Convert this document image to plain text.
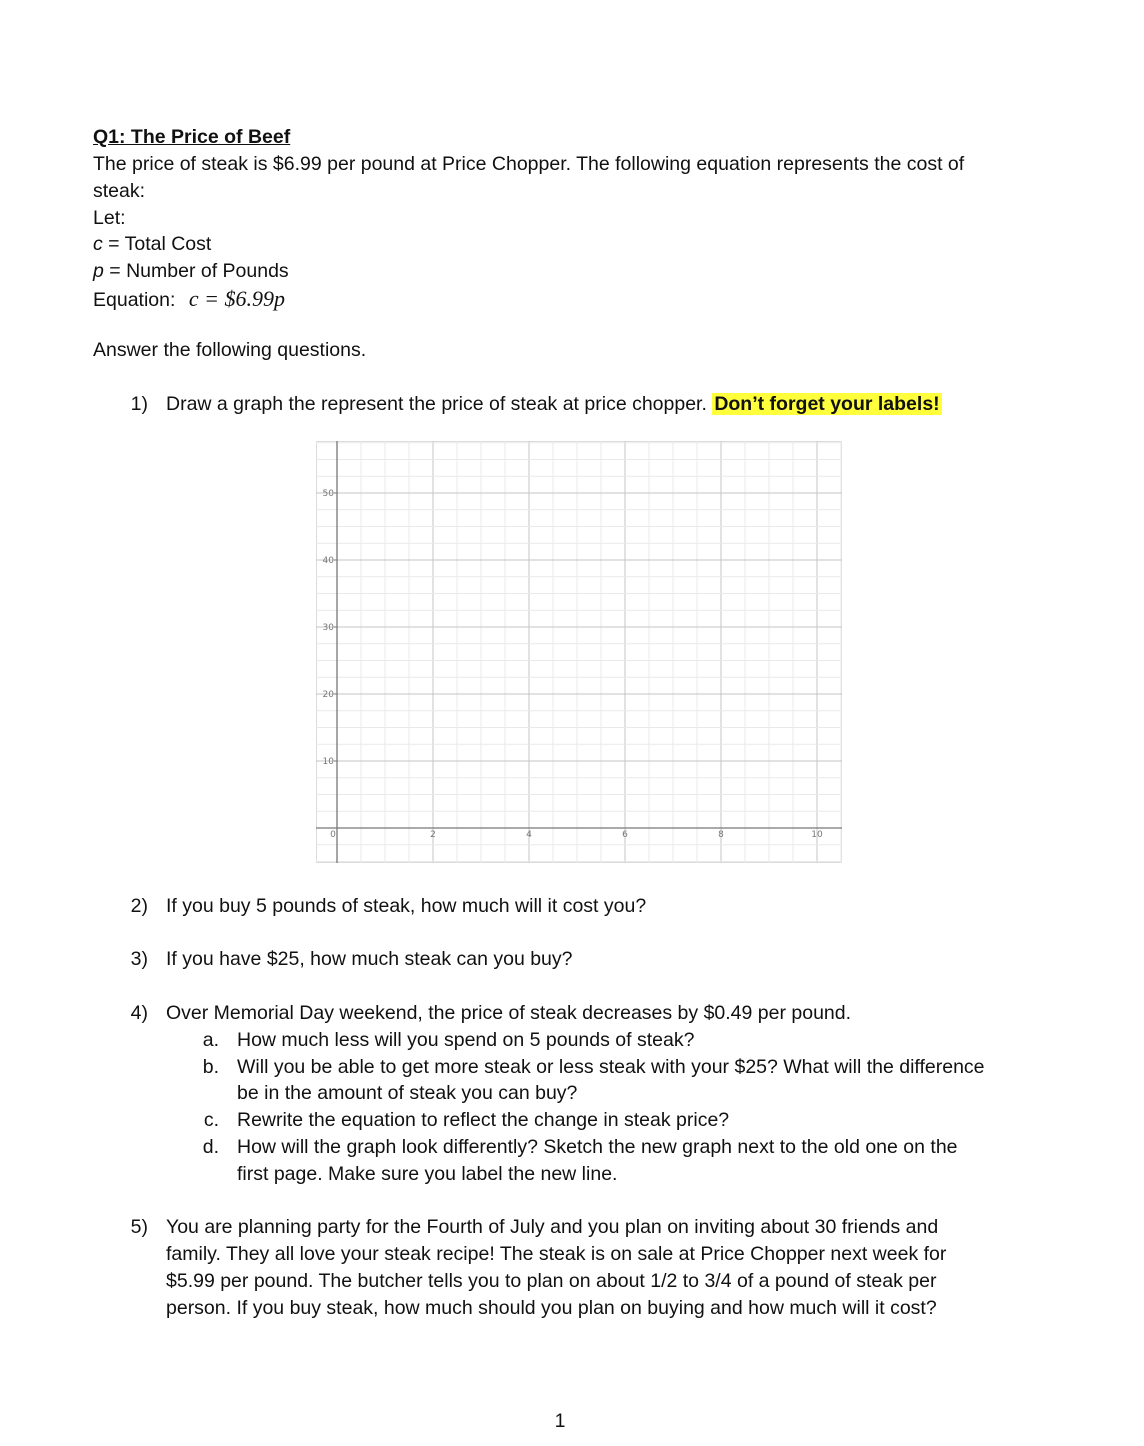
Q1: The Price of Beef
The price of steak is $6.99 per pound at Price Chopper. The following equation represents the cost of
steak:
Let:
c = Total Cost
p = Number of Pounds
Equation: c = $6.99p
Answer the following questions.
1) Draw a graph the represent the price of steak at price chopper. Don’t forget your labels!
0	2	4	6	8	10
10
20
30
40
50
2) If you buy 5 pounds of steak, how much will it cost you?
3) If you have $25, how much steak can you buy?
4) Over Memorial Day weekend, the price of steak decreases by $0.49 per pound.
a. How much less will you spend on 5 pounds of steak?
b. Will you be able to get more steak or less steak with your $25? What will the difference
be in the amount of steak you can buy?
c. Rewrite the equation to reflect the change in steak price?
d. How will the graph look differently? Sketch the new graph next to the old one on the
first page. Make sure you label the new line.
5) You are planning party for the Fourth of July and you plan on inviting about 30 friends and
family. They all love your steak recipe! The steak is on sale at Price Chopper next week for
$5.99 per pound. The butcher tells you to plan on about 1/2 to 3/4 of a pound of steak per
person. If you buy steak, how much should you plan on buying and how much will it cost?
1
